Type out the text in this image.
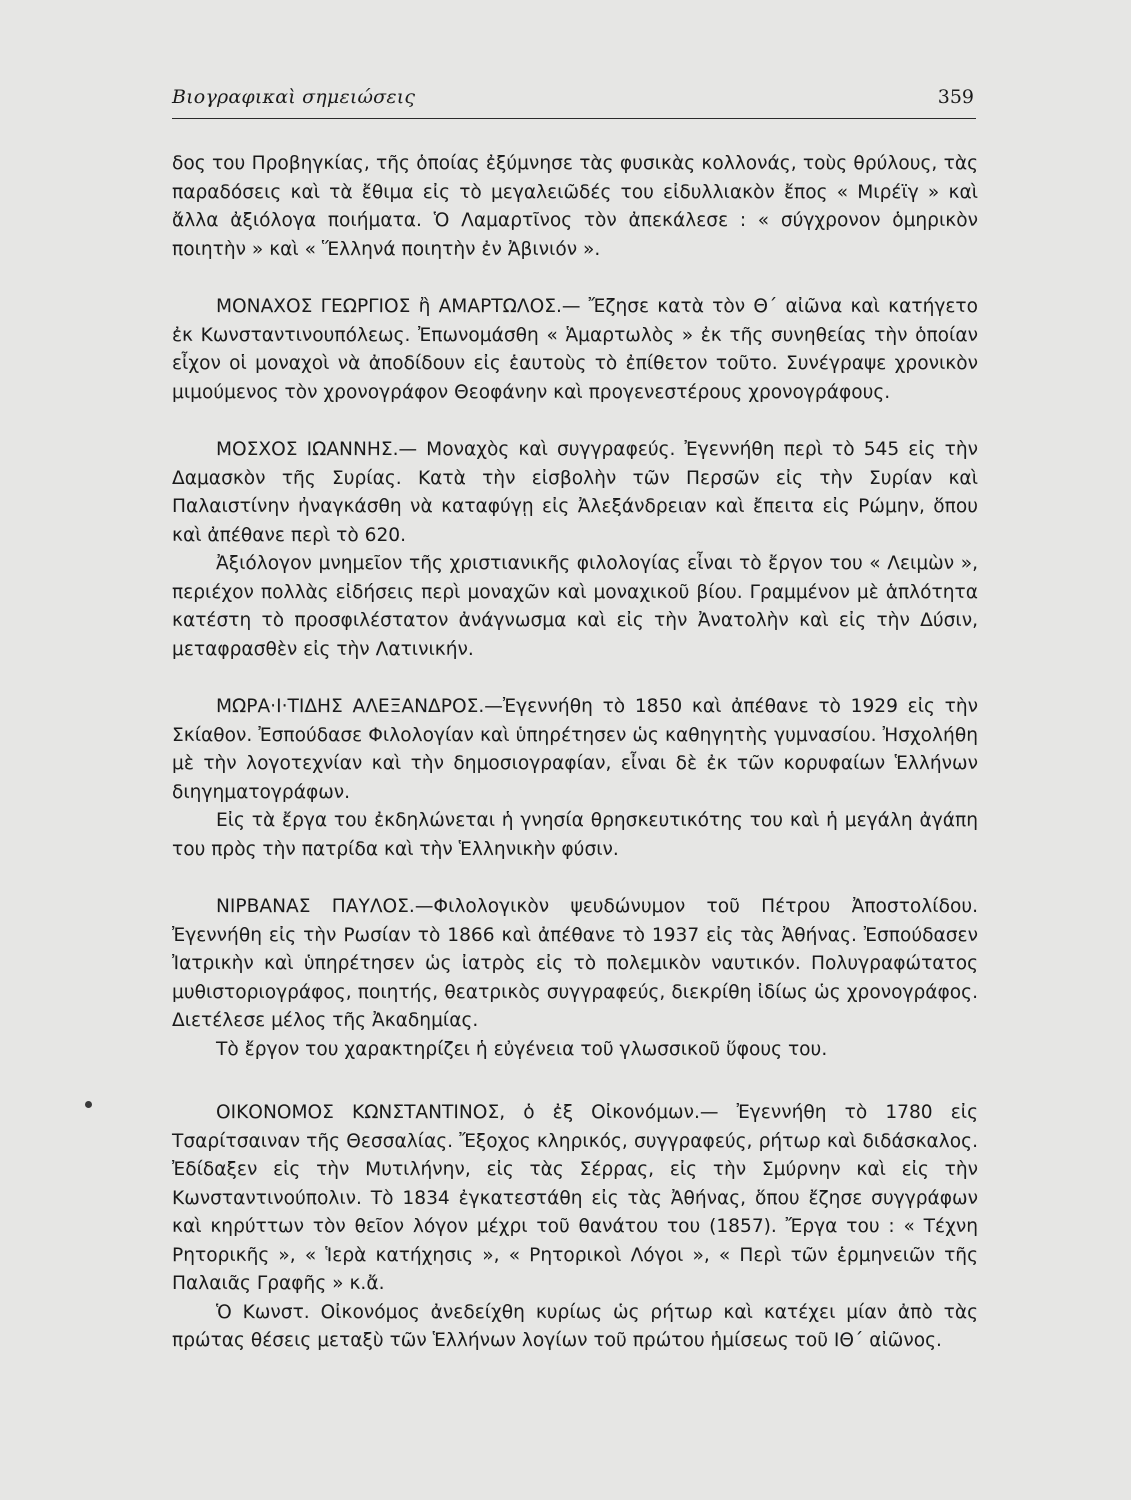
Βιογραφικαὶ σημειώσεις	359

δος του Προβηγκίας, τῆς ὁποίας ἐξύμνησε τὰς φυσικὰς κολλονάς, τοὺς θρύλους, τὰς παραδόσεις καὶ τὰ ἔθιμα εἰς τὸ μεγαλειῶδές του εἰδυλλιακὸν ἔπος « Μιρέϊγ » καὶ ἄλλα ἀξιόλογα ποιήματα. Ὁ Λαμαρτῖνος τὸν ἀπεκάλεσε : « σύγχρονον ὁμηρικὸν ποιητὴν » καὶ « Ἕλληνά ποιητὴν ἐν Ἀβινιόν ».

ΜΟΝΑΧΟΣ ΓΕΩΡΓΙΟΣ ἢ ΑΜΑΡΤΩΛΟΣ.— Ἔζησε κατὰ τὸν Θ΄ αἰῶνα καὶ κατήγετο ἐκ Κωνσταντινουπόλεως. Ἐπωνομάσθη « Ἁμαρτωλὸς » ἐκ τῆς συνηθείας τὴν ὁποίαν εἶχον οἱ μοναχοὶ νὰ ἀποδίδουν εἰς ἑαυτοὺς τὸ ἐπίθετον τοῦτο. Συνέγραψε χρονικὸν μιμούμενος τὸν χρονογράφον Θεοφάνην καὶ προγενεστέρους χρονογράφους.

ΜΟΣΧΟΣ ΙΩΑΝΝΗΣ.— Μοναχὸς καὶ συγγραφεύς. Ἐγεννήθη περὶ τὸ 545 εἰς τὴν Δαμασκὸν τῆς Συρίας. Κατὰ τὴν εἰσβολὴν τῶν Περσῶν εἰς τὴν Συρίαν καὶ Παλαιστίνην ἠναγκάσθη νὰ καταφύγῃ εἰς Ἀλεξάνδρειαν καὶ ἔπειτα εἰς Ρώμην, ὅπου καὶ ἀπέθανε περὶ τὸ 620.

Ἀξιόλογον μνημεῖον τῆς χριστιανικῆς φιλολογίας εἶναι τὸ ἔργον του « Λειμὼν », περιέχον πολλὰς εἰδήσεις περὶ μοναχῶν καὶ μοναχικοῦ βίου. Γραμμένον μὲ ἁπλότητα κατέστη τὸ προσφιλέστατον ἀνάγνωσμα καὶ εἰς τὴν Ἀνατολὴν καὶ εἰς τὴν Δύσιν, μεταφρασθὲν εἰς τὴν Λατινικήν.

ΜΩΡΑ·Ι·ΤΙΔΗΣ ΑΛΕΞΑΝΔΡΟΣ.—Ἐγεννήθη τὸ 1850 καὶ ἀπέθανε τὸ 1929 εἰς τὴν Σκίαθον. Ἐσπούδασε Φιλολογίαν καὶ ὑπηρέτησεν ὡς καθηγητὴς γυμνασίου. Ἠσχολήθη μὲ τὴν λογοτεχνίαν καὶ τὴν δημοσιογραφίαν, εἶναι δὲ ἐκ τῶν κορυφαίων Ἑλλήνων διηγηματογράφων.

Εἰς τὰ ἔργα του ἐκδηλώνεται ἡ γνησία θρησκευτικότης του καὶ ἡ μεγάλη ἀγάπη του πρὸς τὴν πατρίδα καὶ τὴν Ἑλληνικὴν φύσιν.

ΝΙΡΒΑΝΑΣ ΠΑΥΛΟΣ.—Φιλολογικὸν ψευδώνυμον τοῦ Πέτρου Ἀποστολίδου. Ἐγεννήθη εἰς τὴν Ρωσίαν τὸ 1866 καὶ ἀπέθανε τὸ 1937 εἰς τὰς Ἀθήνας. Ἐσπούδασεν Ἰατρικὴν καὶ ὑπηρέτησεν ὡς ἰατρὸς εἰς τὸ πολεμικὸν ναυτικόν. Πολυγραφώτατος μυθιστοριογράφος, ποιητής, θεατρικὸς συγγραφεύς, διεκρίθη ἰδίως ὡς χρονογράφος. Διετέλεσε μέλος τῆς Ἀκαδημίας.

Τὸ ἔργον του χαρακτηρίζει ἡ εὐγένεια τοῦ γλωσσικοῦ ὕφους του.

ΟΙΚΟΝΟΜΟΣ ΚΩΝΣΤΑΝΤΙΝΟΣ, ὁ ἐξ Οἰκονόμων.— Ἐγεννήθη τὸ 1780 εἰς Τσαρίτσαιναν τῆς Θεσσαλίας. Ἔξοχος κληρικός, συγγραφεύς, ρήτωρ καὶ διδάσκαλος. Ἐδίδαξεν εἰς τὴν Μυτιλήνην, εἰς τὰς Σέρρας, εἰς τὴν Σμύρνην καὶ εἰς τὴν Κωνσταντινούπολιν. Τὸ 1834 ἐγκατεστάθη εἰς τὰς Ἀθήνας, ὅπου ἔζησε συγγράφων καὶ κηρύττων τὸν θεῖον λόγον μέχρι τοῦ θανάτου του (1857). Ἔργα του : « Τέχνη Ρητορικῆς », « Ἱερὰ κατήχησις », « Ρητορικοὶ Λόγοι », « Περὶ τῶν ἑρμηνειῶν τῆς Παλαιᾶς Γραφῆς » κ.ἄ.

Ὁ Κωνστ. Οἰκονόμος ἀνεδείχθη κυρίως ὡς ρήτωρ καὶ κατέχει μίαν ἀπὸ τὰς πρώτας θέσεις μεταξὺ τῶν Ἑλλήνων λογίων τοῦ πρώτου ἡμίσεως τοῦ ΙΘ΄ αἰῶνος.
